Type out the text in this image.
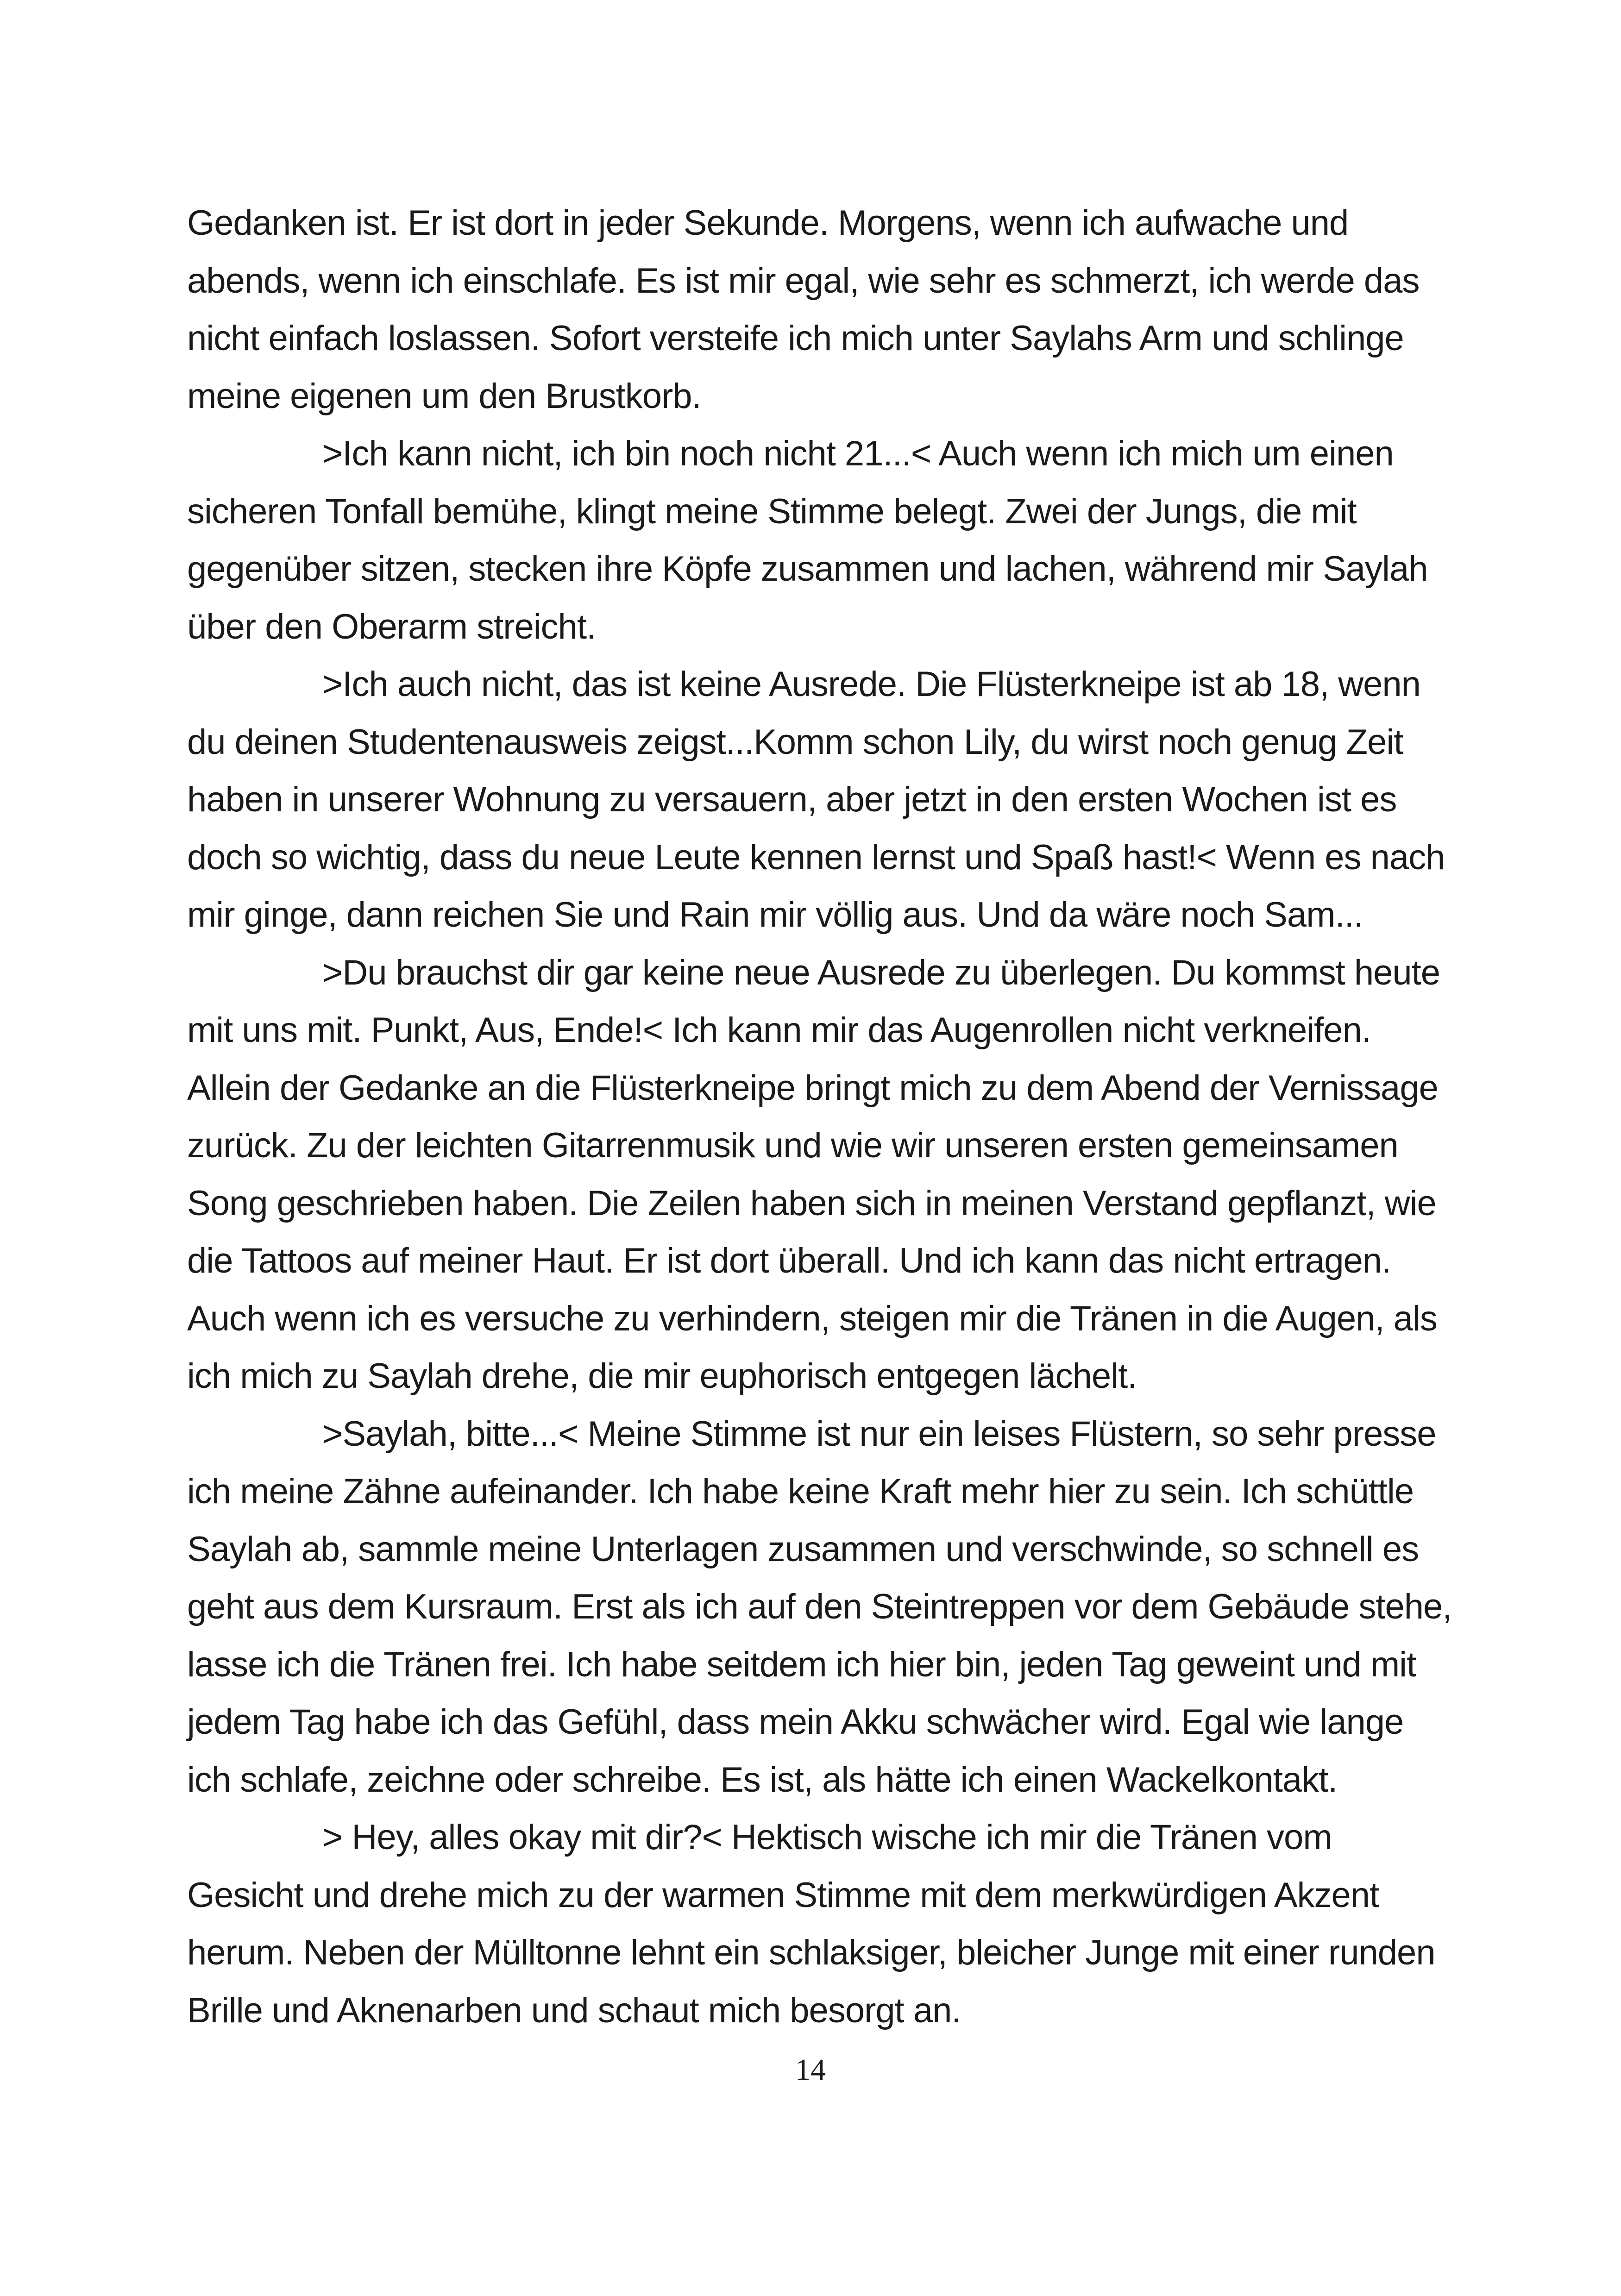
Gedanken ist. Er ist dort in jeder Sekunde. Morgens, wenn ich aufwache und abends, wenn ich einschlafe. Es ist mir egal, wie sehr es schmerzt, ich werde das nicht einfach loslassen. Sofort versteife ich mich unter Saylahs Arm und schlinge meine eigenen um den Brustkorb.

>Ich kann nicht, ich bin noch nicht 21...< Auch wenn ich mich um einen sicheren Tonfall bemühe, klingt meine Stimme belegt. Zwei der Jungs, die mit gegenüber sitzen, stecken ihre Köpfe zusammen und lachen, während mir Saylah über den Oberarm streicht.

>Ich auch nicht, das ist keine Ausrede. Die Flüsterkneipe ist ab 18, wenn du deinen Studentenausweis zeigst...Komm schon Lily, du wirst noch genug Zeit haben in unserer Wohnung zu versauern, aber jetzt in den ersten Wochen ist es doch so wichtig, dass du neue Leute kennen lernst und Spaß hast!< Wenn es nach mir ginge, dann reichen Sie und Rain mir völlig aus. Und da wäre noch Sam...

>Du brauchst dir gar keine neue Ausrede zu überlegen. Du kommst heute mit uns mit. Punkt, Aus, Ende!< Ich kann mir das Augenrollen nicht verkneifen. Allein der Gedanke an die Flüsterkneipe bringt mich zu dem Abend der Vernissage zurück. Zu der leichten Gitarrenmusik und wie wir unseren ersten gemeinsamen Song geschrieben haben. Die Zeilen haben sich in meinen Verstand gepflanzt, wie die Tattoos auf meiner Haut. Er ist dort überall. Und ich kann das nicht ertragen. Auch wenn ich es versuche zu verhindern, steigen mir die Tränen in die Augen, als ich mich zu Saylah drehe, die mir euphorisch entgegen lächelt.

>Saylah, bitte...< Meine Stimme ist nur ein leises Flüstern, so sehr presse ich meine Zähne aufeinander. Ich habe keine Kraft mehr hier zu sein. Ich schüttle Saylah ab, sammle meine Unterlagen zusammen und verschwinde, so schnell es geht aus dem Kursraum. Erst als ich auf den Steintreppen vor dem Gebäude stehe, lasse ich die Tränen frei. Ich habe seitdem ich hier bin, jeden Tag geweint und mit jedem Tag habe ich das Gefühl, dass mein Akku schwächer wird. Egal wie lange ich schlafe, zeichne oder schreibe. Es ist, als hätte ich einen Wackelkontakt.

> Hey, alles okay mit dir?< Hektisch wische ich mir die Tränen vom Gesicht und drehe mich zu der warmen Stimme mit dem merkwürdigen Akzent herum. Neben der Mülltonne lehnt ein schlaksiger, bleicher Junge mit einer runden Brille und Aknenarben und schaut mich besorgt an.

14
